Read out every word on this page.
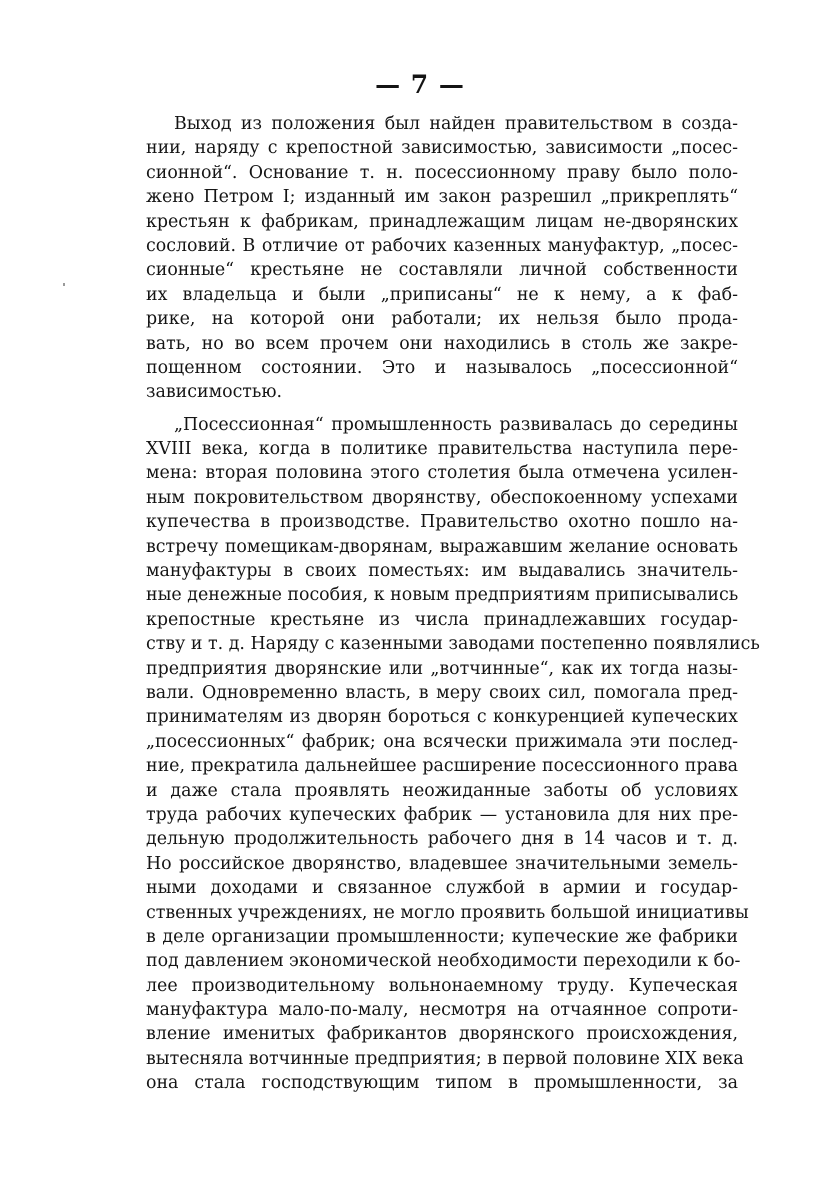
— 7 —
Выход из положения был найден правительством в созда-
нии, наряду с крепостной зависимостью, зависимости „посес-
сионной“. Основание т. н. посессионному праву было поло-
жено Петром I; изданный им закон разрешил „прикреплять“
крестьян к фабрикам, принадлежащим лицам не-дворянских
сословий. В отличие от рабочих казенных мануфактур, „посес-
сионные“ крестьяне не составляли личной собственности
их владельца и были „приписаны“ не к нему, а к фаб-
рике, на которой они работали; их нельзя было прода-
вать, но во всем прочем они находились в столь же закре-
пощенном состоянии. Это и называлось „посессионной“
зависимостью.
„Посессионная“ промышленность развивалась до середины
XVIII века, когда в политике правительства наступила пере-
мена: вторая половина этого столетия была отмечена усилен-
ным покровительством дворянству, обеспокоенному успехами
купечества в производстве. Правительство охотно пошло на-
встречу помещикам-дворянам, выражавшим желание основать
мануфактуры в своих поместьях: им выдавались значитель-
ные денежные пособия, к новым предприятиям приписывались
крепостные крестьяне из числа принадлежавших государ-
ству и т. д. Наряду с казенными заводами постепенно появлялись
предприятия дворянские или „вотчинные“, как их тогда назы-
вали. Одновременно власть, в меру своих сил, помогала пред-
принимателям из дворян бороться с конкуренцией купеческих
„посессионных“ фабрик; она всячески прижимала эти послед-
ние, прекратила дальнейшее расширение посессионного права
и даже стала проявлять неожиданные заботы об условиях
труда рабочих купеческих фабрик — установила для них пре-
дельную продолжительность рабочего дня в 14 часов и т. д.
Но российское дворянство, владевшее значительными земель-
ными доходами и связанное службой в армии и государ-
ственных учреждениях, не могло проявить большой инициативы
в деле организации промышленности; купеческие же фабрики
под давлением экономической необходимости переходили к бо-
лее производительному вольнонаемному труду. Купеческая
мануфактура мало-по-малу, несмотря на отчаянное сопроти-
вление именитых фабрикантов дворянского происхождения,
вытесняла вотчинные предприятия; в первой половине XIX века
она стала господствующим типом в промышленности, за
